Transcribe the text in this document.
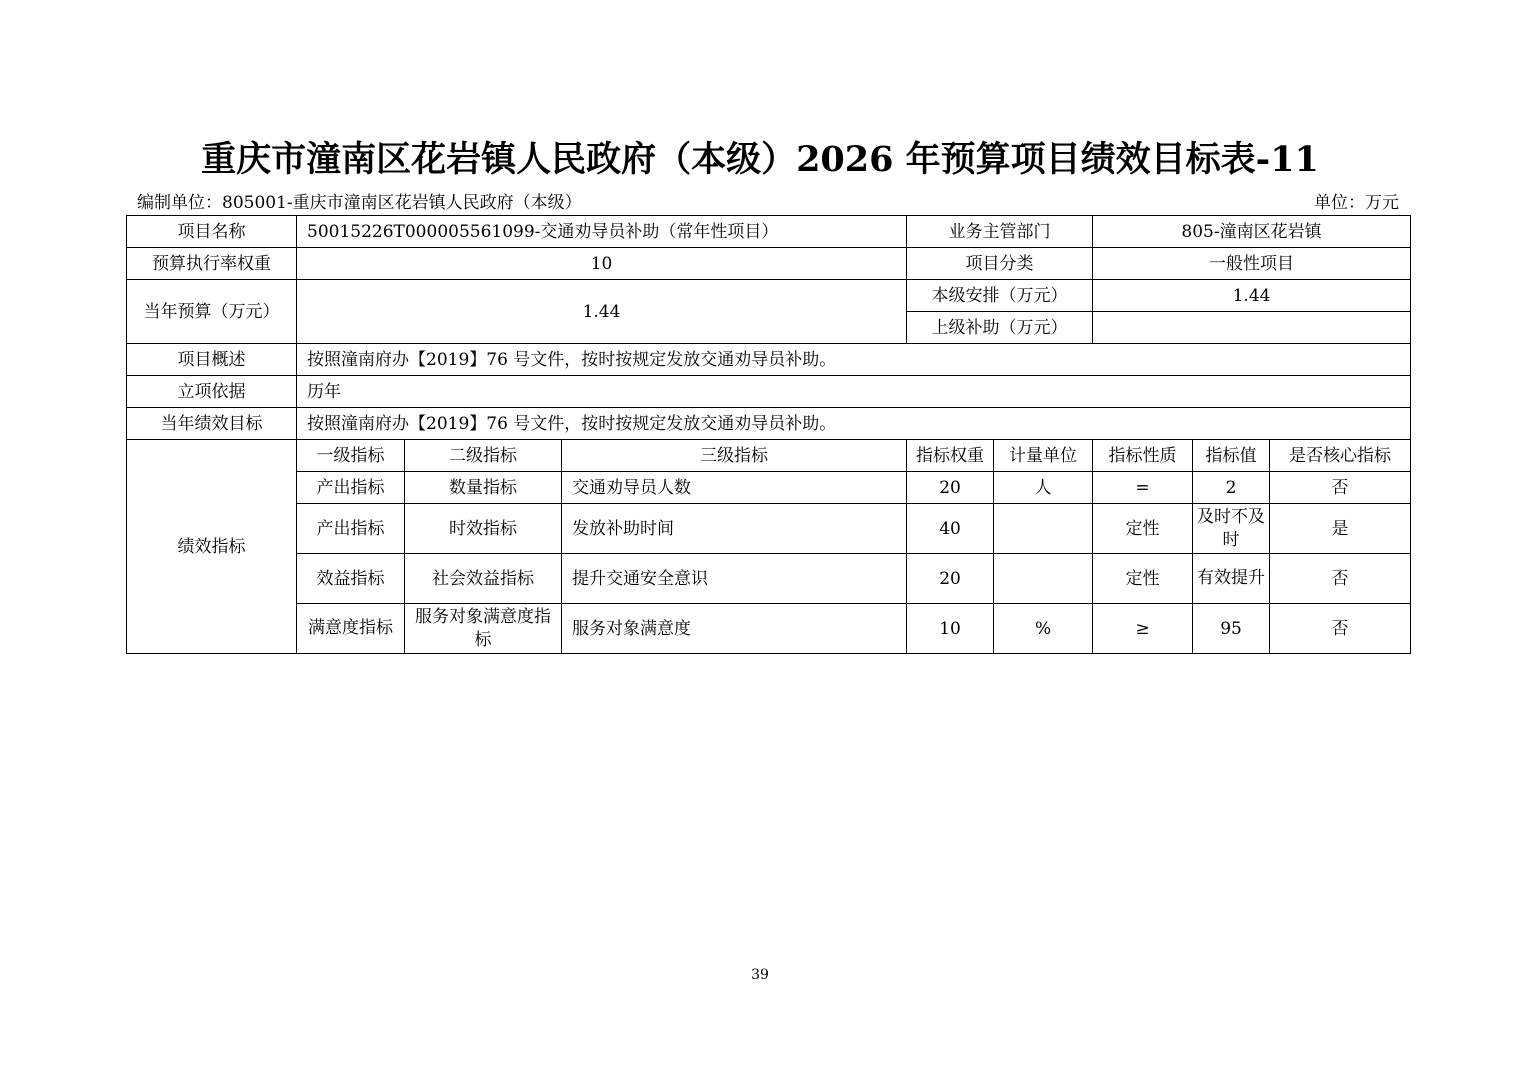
重庆市潼南区花岩镇人民政府（本级）2026 年预算项目绩效目标表-11
编制单位：805001-重庆市潼南区花岩镇人民政府（本级）	单位：万元
项目名称	50015226T000005561099-交通劝导员补助（常年性项目）			业务主管部门		805-潼南区花岩镇		
预算执行率权重	10			项目分类		一般性项目		
当年预算（万元）	1.44			本级安排（万元）		1.44		
				上级补助（万元）				
项目概述	按照潼南府办【2019】76 号文件，按时按规定发放交通劝导员补助。							
立项依据	历年							
当年绩效目标	按照潼南府办【2019】76 号文件，按时按规定发放交通劝导员补助。							
绩效指标	一级指标	二级指标	三级指标	指标权重	计量单位	指标性质	指标值	是否核心指标
	产出指标	数量指标	交通劝导员人数	20	人	=	2	否
	产出指标	时效指标	发放补助时间	40		定性	及时不及时	是
	效益指标	社会效益指标	提升交通安全意识	20		定性	有效提升	否
	满意度指标	服务对象满意度指标	服务对象满意度	10	%	≥	95	否
39
